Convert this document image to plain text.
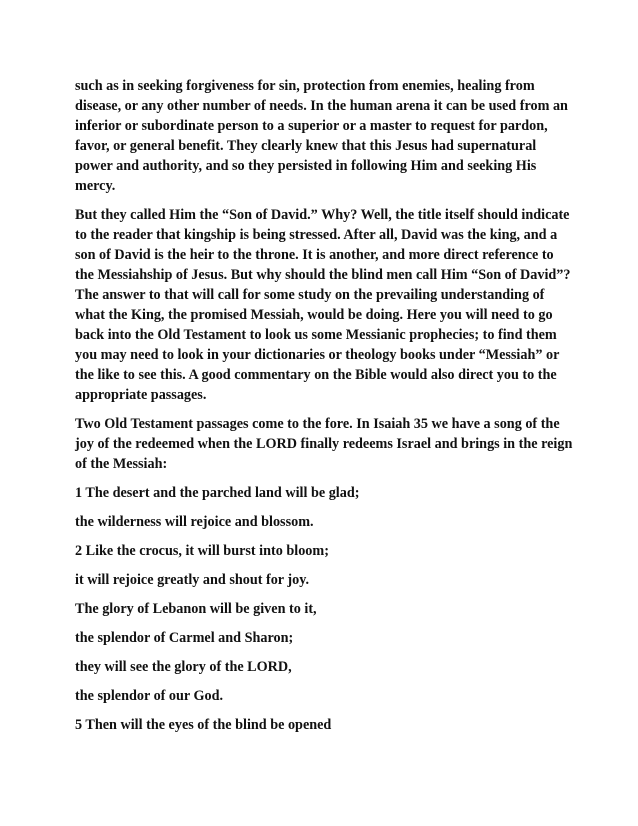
such as in seeking forgiveness for sin, protection from enemies, healing from disease, or any other number of needs. In the human arena it can be used from an inferior or subordinate person to a superior or a master to request for pardon, favor, or general benefit. They clearly knew that this Jesus had supernatural power and authority, and so they persisted in following Him and seeking His mercy.

But they called Him the “Son of David.” Why? Well, the title itself should indicate to the reader that kingship is being stressed. After all, David was the king, and a son of David is the heir to the throne. It is another, and more direct reference to the Messiahship of Jesus. But why should the blind men call Him “Son of David”? The answer to that will call for some study on the prevailing understanding of what the King, the promised Messiah, would be doing. Here you will need to go back into the Old Testament to look us some Messianic prophecies; to find them you may need to look in your dictionaries or theology books under “Messiah” or the like to see this. A good commentary on the Bible would also direct you to the appropriate passages.

Two Old Testament passages come to the fore. In Isaiah 35 we have a song of the joy of the redeemed when the LORD finally redeems Israel and brings in the reign of the Messiah:

1 The desert and the parched land will be glad;

the wilderness will rejoice and blossom.

2 Like the crocus, it will burst into bloom;

it will rejoice greatly and shout for joy.

The glory of Lebanon will be given to it,

the splendor of Carmel and Sharon;

they will see the glory of the LORD,

the splendor of our God.

5 Then will the eyes of the blind be opened
